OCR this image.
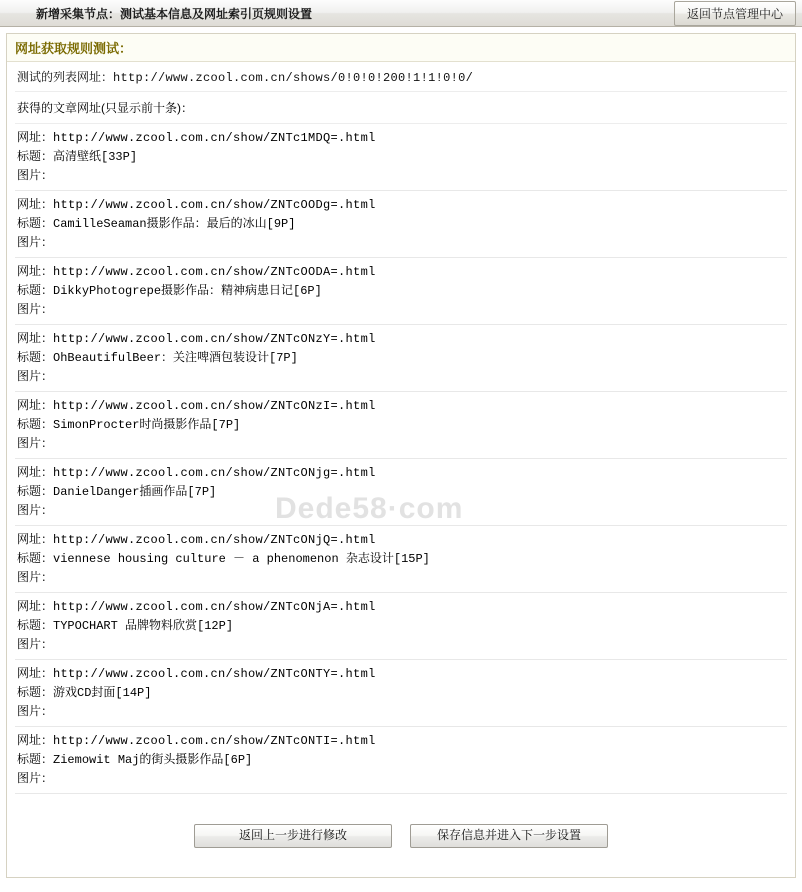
新增采集节点：测试基本信息及网址索引页规则设置	返回节点管理中心
网址获取规则测试：
Dede58·com
测试的列表网址：http://www.zcool.com.cn/shows/0!0!0!200!1!1!0!0/
获得的文章网址(只显示前十条)：
网址：http://www.zcool.com.cn/show/ZNTc1MDQ=.html
标题：高清壁纸[33P]
图片：
网址：http://www.zcool.com.cn/show/ZNTcOODg=.html
标题：CamilleSeaman摄影作品：最后的冰山[9P]
图片：
网址：http://www.zcool.com.cn/show/ZNTcOODA=.html
标题：DikkyPhotogrepe摄影作品：精神病患日记[6P]
图片：
网址：http://www.zcool.com.cn/show/ZNTcONzY=.html
标题：OhBeautifulBeer：关注啤酒包装设计[7P]
图片：
网址：http://www.zcool.com.cn/show/ZNTcONzI=.html
标题：SimonProcter时尚摄影作品[7P]
图片：
网址：http://www.zcool.com.cn/show/ZNTcONjg=.html
标题：DanielDanger插画作品[7P]
图片：
网址：http://www.zcool.com.cn/show/ZNTcONjQ=.html
标题：viennese housing culture － a phenomenon 杂志设计[15P]
图片：
网址：http://www.zcool.com.cn/show/ZNTcONjA=.html
标题：TYPOCHART 品牌物料欣赏[12P]
图片：
网址：http://www.zcool.com.cn/show/ZNTcONTY=.html
标题：游戏CD封面[14P]
图片：
网址：http://www.zcool.com.cn/show/ZNTcONTI=.html
标题：Ziemowit Maj的街头摄影作品[6P]
图片：
返回上一步进行修改	保存信息并进入下一步设置
